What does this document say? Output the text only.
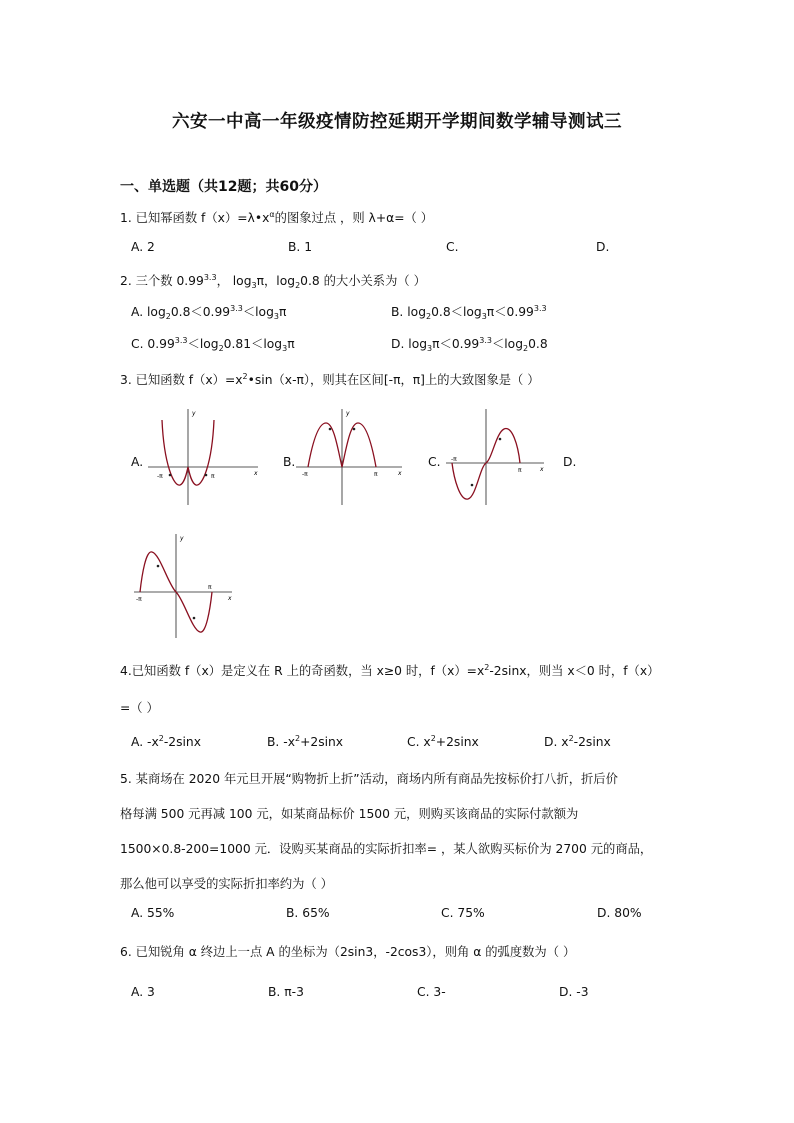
六安一中高一年级疫情防控延期开学期间数学辅导测试三
一、单选题（共12题；共60分）
1. 已知幂函数 $f(x)=\lambda•x^\alpha$的图象过点 ，则 λ+α=（ ）
A. 2	B. 1	C.	D.
2. 三个数 $0.99^{3.3}$， $\log_3\pi$，$\log_20.8$ 的大小关系为（ ）
A. $\log_20.8<0.99^{3.3}<\log_3\pi$	B. $\log_20.8<\log_3\pi<0.99^{3.3}$
C. $0.99^{3.3}<\log_20.81<\log_3\pi$	D. $\log_3\pi<0.99^{3.3}<\log_20.8$
3. 已知函数 $f(x)=x^2•\sin(x-\pi)$，则其在区间[-π，π]上的大致图象是（ ）
A.
-π	π	x
y
B.
-π	π	x
y
C. -π
π	x
D.
-π
π
x
y
4.已知函数 f（x）是定义在 R 上的奇函数，当 x≥0 时，$f(x)=x^2-2\sin x$，则当 x＜0 时，f（x）
=（ ）
A. $-x^2-2\sin x$	B. $-x^2+2\sin x$	C. $x^2+2\sin x$	D. $x^2-2\sin x$
5. 某商场在 2020 年元旦开展“购物折上折”活动，商场内所有商品先按标价打八折，折后价
格每满 500 元再减 100 元，如某商品标价 1500 元，则购买该商品的实际付款额为
1500×0.8-200=1000 元．设购买某商品的实际折扣率= ，某人欲购买标价为 2700 元的商品，
那么他可以享受的实际折扣率约为（ ）
A. 55%	B. 65%	C. 75%	D. 80%
6. 已知锐角 α 终边上一点 A 的坐标为（2sin3，-2cos3），则角 α 的弧度数为（ ）
A. 3	B. π-3	C. 3-	D. -3
